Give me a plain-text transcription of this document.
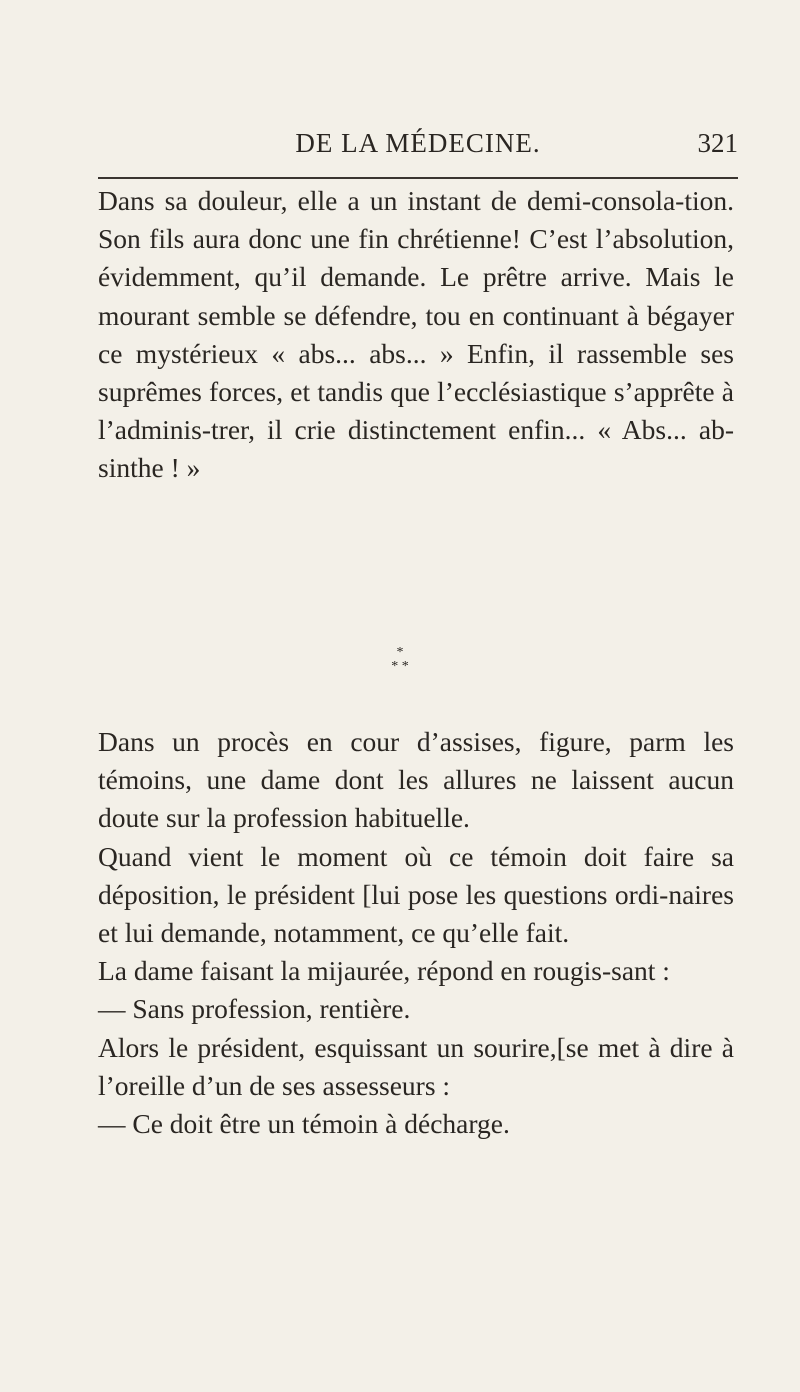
DE LA MÉDECINE.	321

Dans sa douleur, elle a un instant de demi-consola-tion. Son fils aura donc une fin chrétienne! C’est l’absolution, évidemment, qu’il demande. Le prêtre arrive. Mais le mourant semble se défendre, tou en continuant à bégayer ce mystérieux « abs... abs... » Enfin, il rassemble ses suprêmes forces, et tandis que l’ecclésiastique s’apprête à l’adminis-trer, il crie distinctement enfin... « Abs... ab-sinthe ! »

*
* *

Dans un procès en cour d’assises, figure, parm les témoins, une dame dont les allures ne laissent aucun doute sur la profession habituelle.

Quand vient le moment où ce témoin doit faire sa déposition, le président [lui pose les questions ordi-naires et lui demande, notamment, ce qu’elle fait.

La dame faisant la mijaurée, répond en rougis-sant :

— Sans profession, rentière.

Alors le président, esquissant un sourire,[se met à dire à l’oreille d’un de ses assesseurs :

— Ce doit être un témoin à décharge.
